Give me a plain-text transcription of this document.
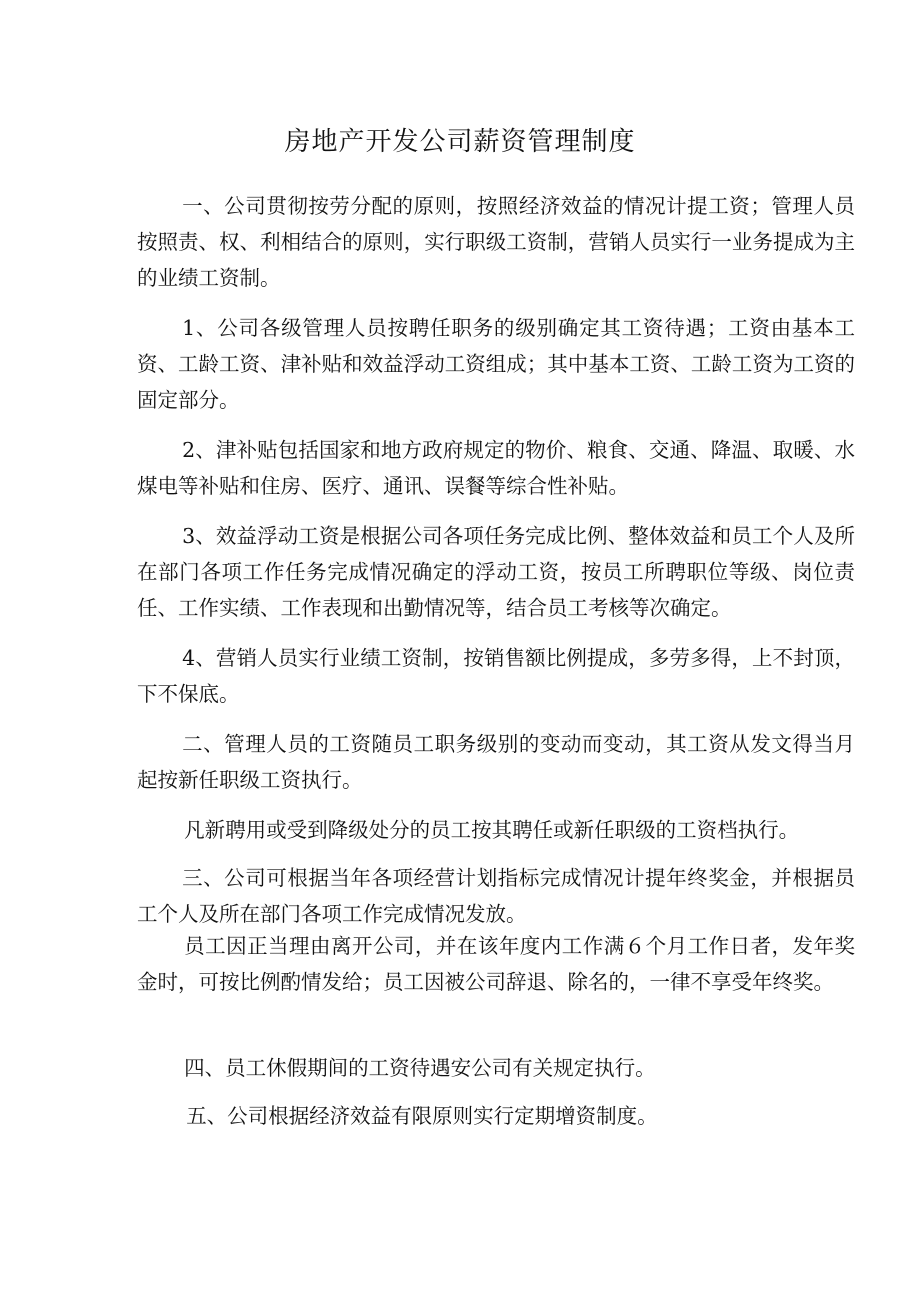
房地产开发公司薪资管理制度

一、公司贯彻按劳分配的原则，按照经济效益的情况计提工资；管理人员按照责、权、利相结合的原则，实行职级工资制，营销人员实行一业务提成为主的业绩工资制。

1、公司各级管理人员按聘任职务的级别确定其工资待遇；工资由基本工资、工龄工资、津补贴和效益浮动工资组成；其中基本工资、工龄工资为工资的固定部分。

2、津补贴包括国家和地方政府规定的物价、粮食、交通、降温、取暖、水煤电等补贴和住房、医疗、通讯、误餐等综合性补贴。

3、效益浮动工资是根据公司各项任务完成比例、整体效益和员工个人及所在部门各项工作任务完成情况确定的浮动工资，按员工所聘职位等级、岗位责任、工作实绩、工作表现和出勤情况等，结合员工考核等次确定。

4、营销人员实行业绩工资制，按销售额比例提成，多劳多得，上不封顶，下不保底。

二、管理人员的工资随员工职务级别的变动而变动，其工资从发文得当月起按新任职级工资执行。

凡新聘用或受到降级处分的员工按其聘任或新任职级的工资档执行。

三、公司可根据当年各项经营计划指标完成情况计提年终奖金，并根据员工个人及所在部门各项工作完成情况发放。

员工因正当理由离开公司，并在该年度内工作满６个月工作日者，发年奖金时，可按比例酌情发给；员工因被公司辞退、除名的，一律不享受年终奖。

四、员工休假期间的工资待遇安公司有关规定执行。

五、公司根据经济效益有限原则实行定期增资制度。
